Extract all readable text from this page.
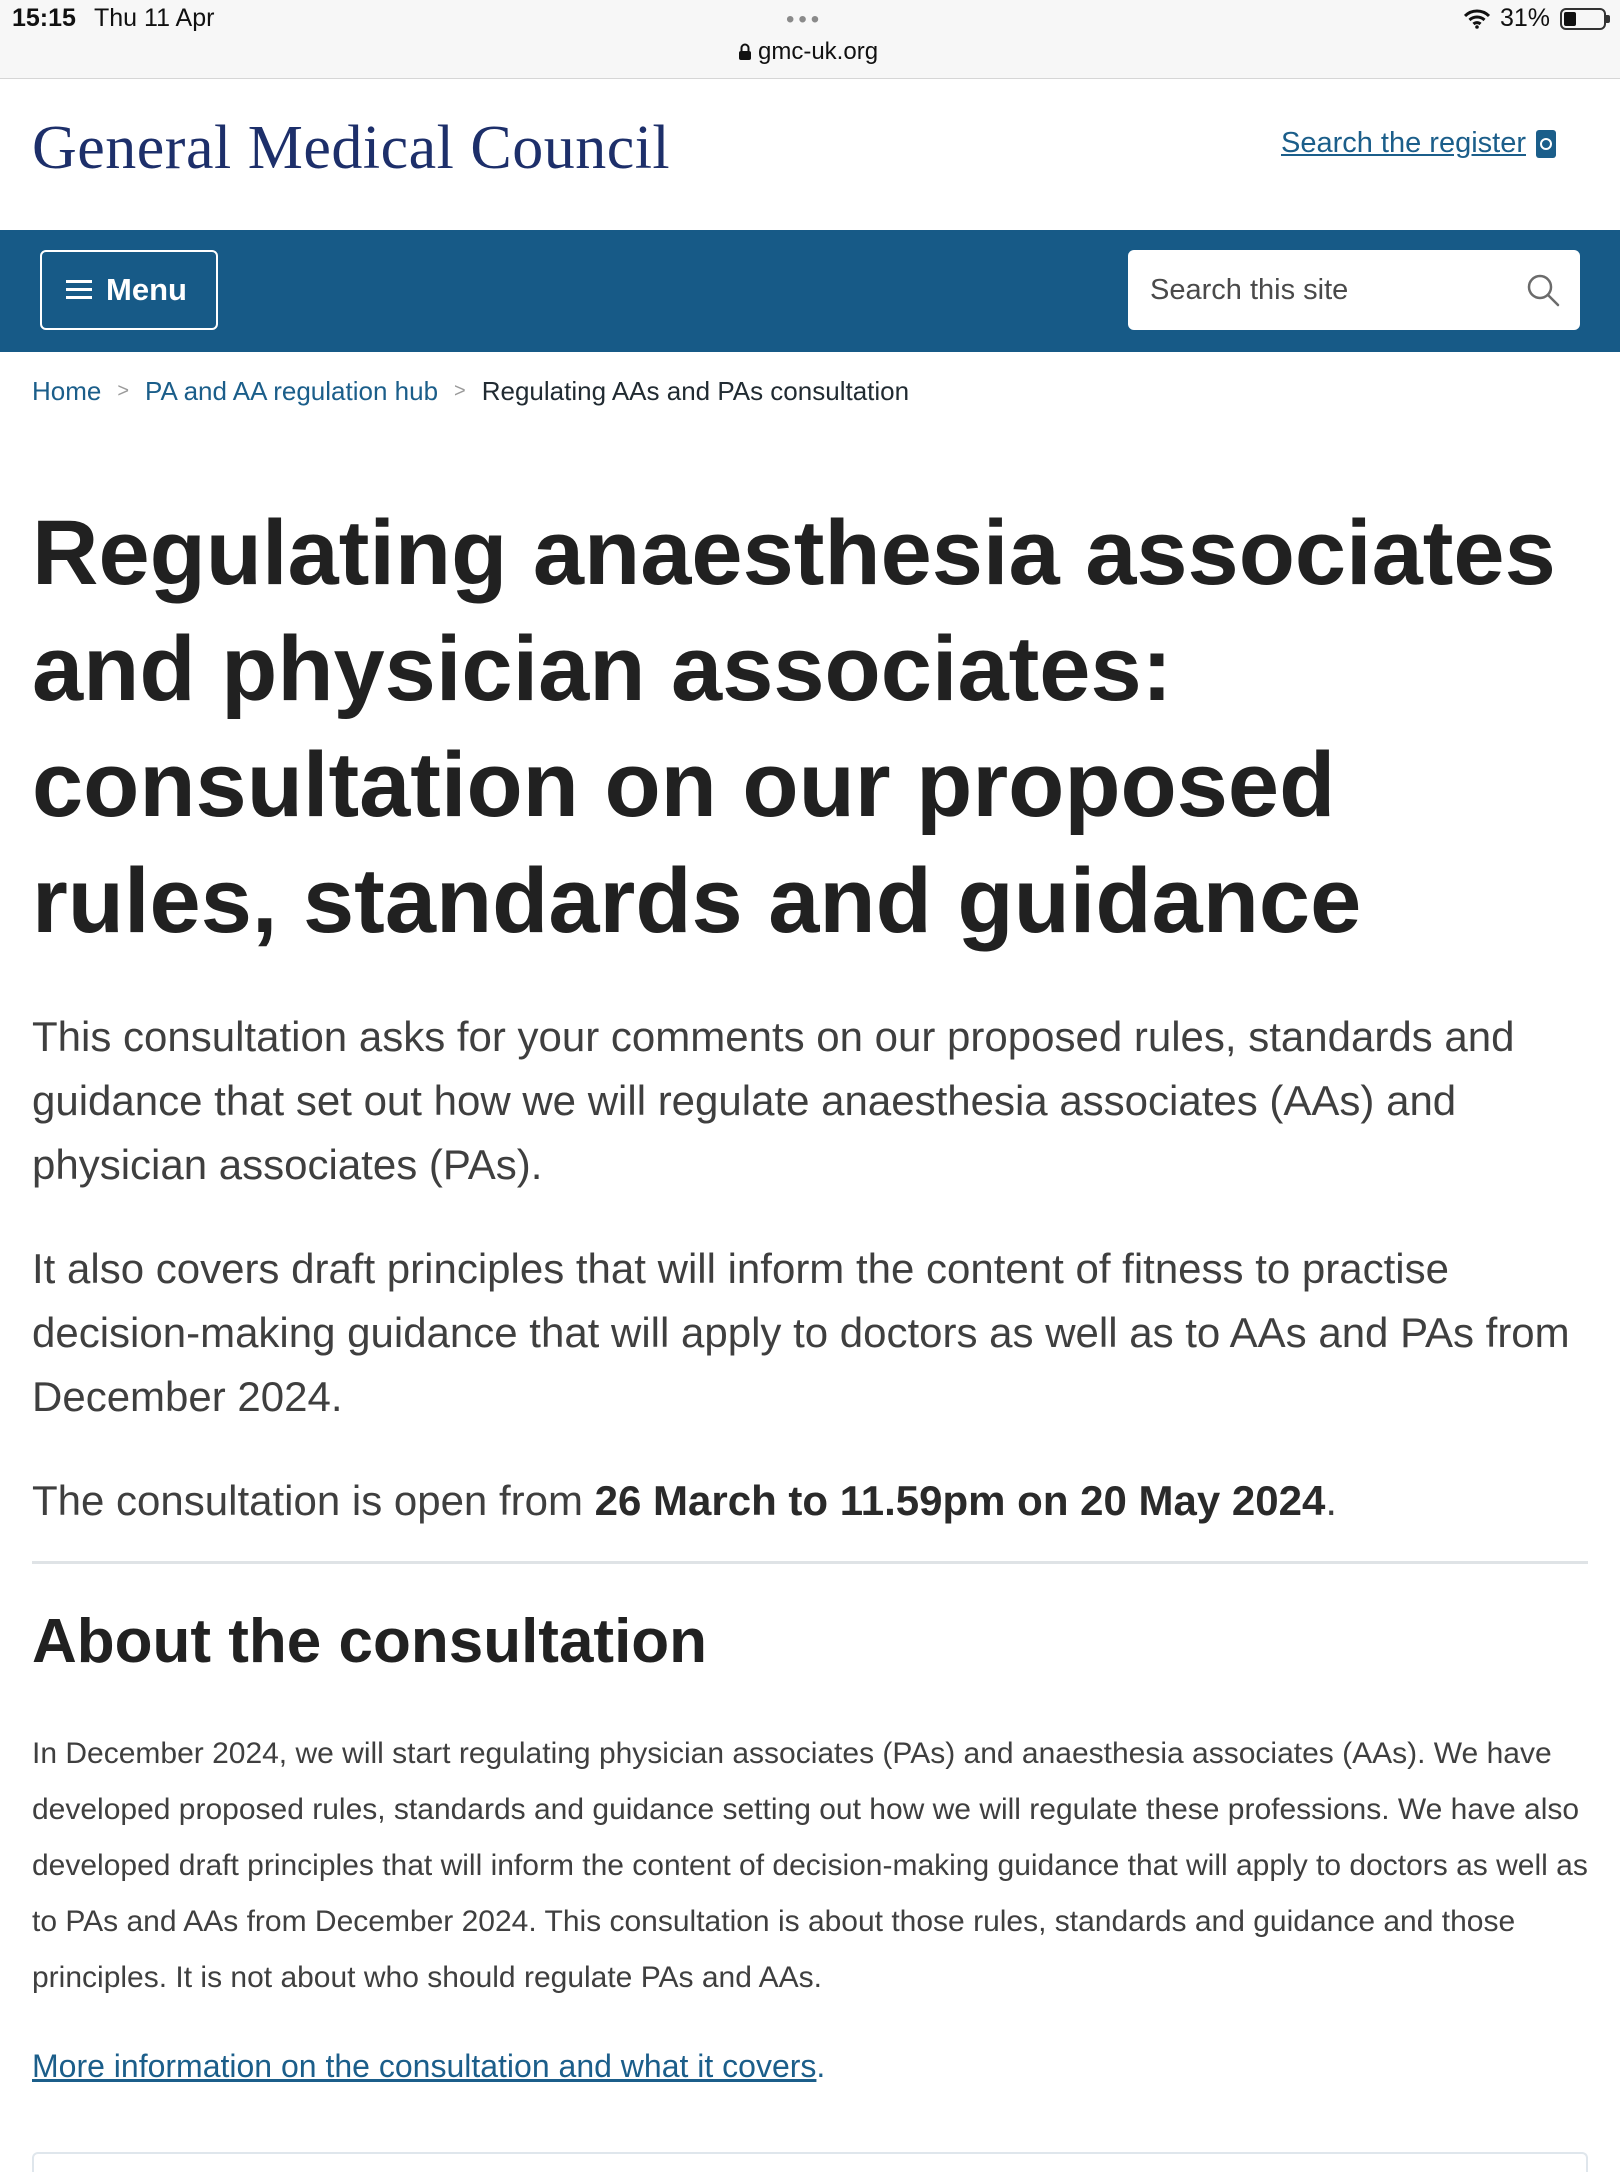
15:15 Thu 11 Apr	•••
gmc-uk.org
31%
General Medical Council	Search the register
Menu
Search this site
Home > PA and AA regulation hub > Regulating AAs and PAs consultation
Regulating anaesthesia associates and physician associates: consultation on our proposed rules, standards and guidance

This consultation asks for your comments on our proposed rules, standards and guidance that set out how we will regulate anaesthesia associates (AAs) and physician associates (PAs).

It also covers draft principles that will inform the content of fitness to practise decision-making guidance that will apply to doctors as well as to AAs and PAs from December 2024.

The consultation is open from 26 March to 11.59pm on 20 May 2024.

About the consultation

In December 2024, we will start regulating physician associates (PAs) and anaesthesia associates (AAs). We have developed proposed rules, standards and guidance setting out how we will regulate these professions. We have also developed draft principles that will inform the content of decision-making guidance that will apply to doctors as well as to PAs and AAs from December 2024. This consultation is about those rules, standards and guidance and those principles. It is not about who should regulate PAs and AAs.

More information on the consultation and what it covers.
